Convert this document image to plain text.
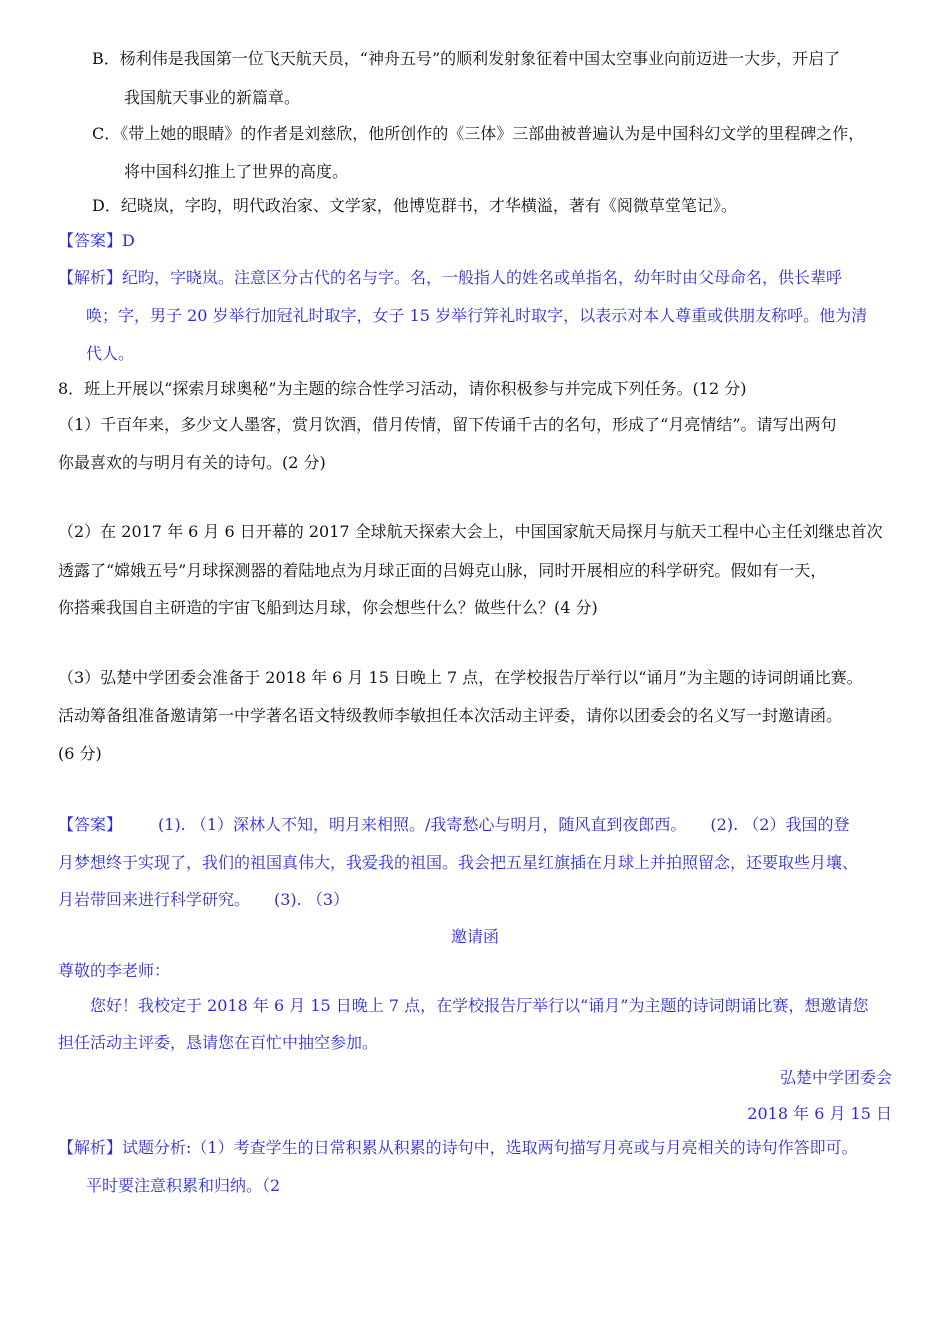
B．杨利伟是我国第一位飞天航天员，“神舟五号”的顺利发射象征着中国太空事业向前迈进一大步，开启了
我国航天事业的新篇章。
C．《带上她的眼睛》的作者是刘慈欣，他所创作的《三体》三部曲被普遍认为是中国科幻文学的里程碑之作，
将中国科幻推上了世界的高度。
D．纪晓岚，字昀，明代政治家、文学家，他博览群书，才华横溢，著有《阅微草堂笔记》。
【答案】D
【解析】纪昀，字晓岚。注意区分古代的名与字。名，一般指人的姓名或单指名，幼年时由父母命名，供长辈呼
唤；字，男子 20 岁举行加冠礼时取字，女子 15 岁举行笄礼时取字，以表示对本人尊重或供朋友称呼。他为清
代人。
8．班上开展以“探索月球奥秘”为主题的综合性学习活动，请你积极参与并完成下列任务。(12 分)
（1）千百年来，多少文人墨客，赏月饮酒，借月传情，留下传诵千古的名句，形成了“月亮情结”。请写出两句
你最喜欢的与明月有关的诗句。(2 分)
（2）在 2017 年 6 月 6 日开幕的 2017 全球航天探索大会上，中国国家航天局探月与航天工程中心主任刘继忠首次
透露了“嫦娥五号”月球探测器的着陆地点为月球正面的吕姆克山脉，同时开展相应的科学研究。假如有一天，
你搭乘我国自主研造的宇宙飞船到达月球，你会想些什么？做些什么？(4 分)
（3）弘楚中学团委会准备于 2018 年 6 月 15 日晚上 7 点，在学校报告厅举行以“诵月”为主题的诗词朗诵比赛。
活动筹备组准备邀请第一中学著名语文特级教师李敏担任本次活动主评委，请你以团委会的名义写一封邀请函。
(6 分)
【答案】 (1). （1）深林人不知，明月来相照。/我寄愁心与明月，随风直到夜郎西。　　(2). （2）我国的登
月梦想终于实现了，我们的祖国真伟大，我爱我的祖国。我会把五星红旗插在月球上并拍照留念，还要取些月壤、
月岩带回来进行科学研究。　　(3). （3）
邀请函
尊敬的李老师：
您好！我校定于 2018 年 6 月 15 日晚上 7 点，在学校报告厅举行以“诵月”为主题的诗词朗诵比赛，想邀请您
担任活动主评委，恳请您在百忙中抽空参加。
弘楚中学团委会
2018 年 6 月 15 日
【解析】试题分析:（1）考查学生的日常积累从积累的诗句中，选取两句描写月亮或与月亮相关的诗句作答即可。
平时要注意积累和归纳。（2
